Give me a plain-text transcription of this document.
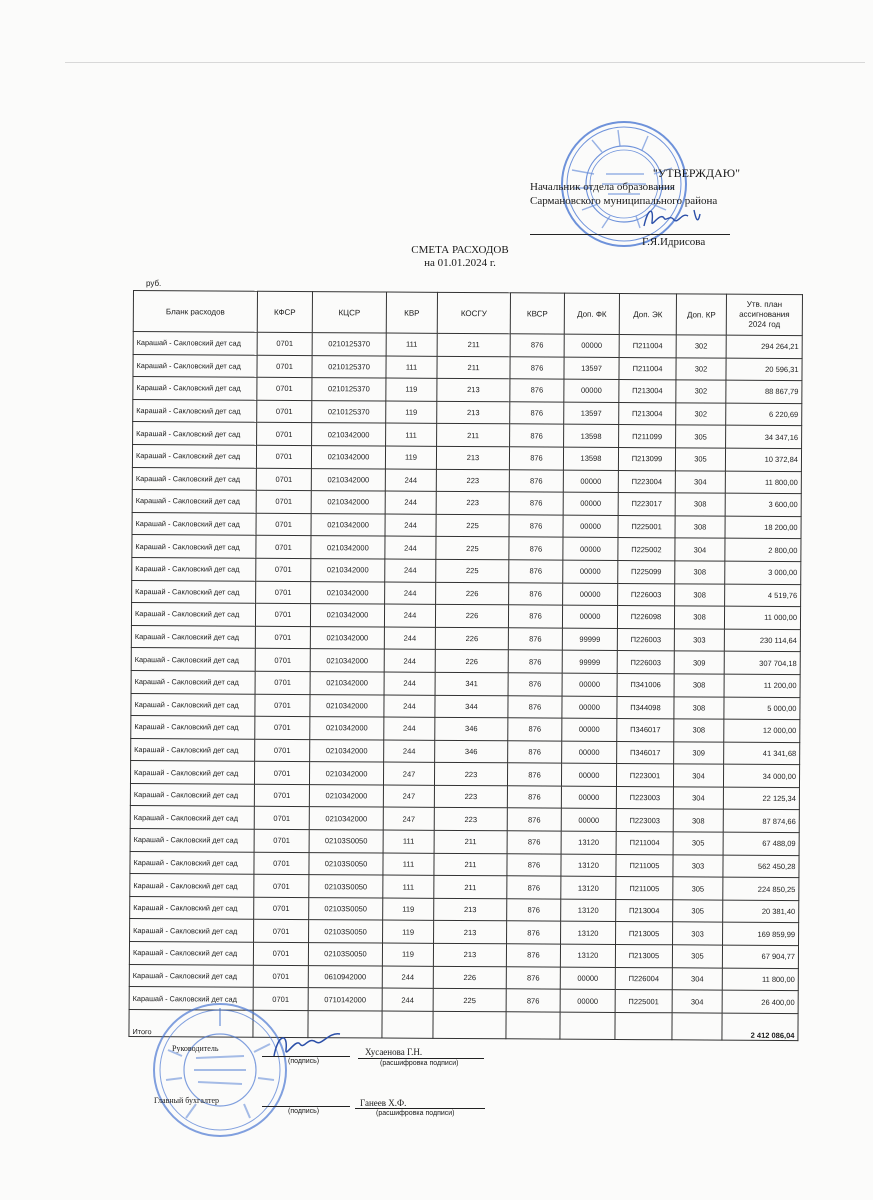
"УТВЕРЖДАЮ"
Начальник отдела образования
Сармановского муниципального района
Г.Я.Идрисова
СМЕТА РАСХОДОВ
на 01.01.2024 г.
руб.
Бланк расходов	КФСР	КЦСР	КВР	КОСГУ	КВСР	Доп. ФК	Доп. ЭК	Доп. КР	Утв. план ассигнования 2024 год
Карашай - Сакловский дет сад	0701	0210125370	111	211	876	00000	П211004	302	294 264,21
Карашай - Сакловский дет сад	0701	0210125370	111	211	876	13597	П211004	302	20 596,31
Карашай - Сакловский дет сад	0701	0210125370	119	213	876	00000	П213004	302	88 867,79
Карашай - Сакловский дет сад	0701	0210125370	119	213	876	13597	П213004	302	6 220,69
Карашай - Сакловский дет сад	0701	0210342000	111	211	876	13598	П211099	305	34 347,16
Карашай - Сакловский дет сад	0701	0210342000	119	213	876	13598	П213099	305	10 372,84
Карашай - Сакловский дет сад	0701	0210342000	244	223	876	00000	П223004	304	11 800,00
Карашай - Сакловский дет сад	0701	0210342000	244	223	876	00000	П223017	308	3 600,00
Карашай - Сакловский дет сад	0701	0210342000	244	225	876	00000	П225001	308	18 200,00
Карашай - Сакловский дет сад	0701	0210342000	244	225	876	00000	П225002	304	2 800,00
Карашай - Сакловский дет сад	0701	0210342000	244	225	876	00000	П225099	308	3 000,00
Карашай - Сакловский дет сад	0701	0210342000	244	226	876	00000	П226003	308	4 519,76
Карашай - Сакловский дет сад	0701	0210342000	244	226	876	00000	П226098	308	11 000,00
Карашай - Сакловский дет сад	0701	0210342000	244	226	876	99999	П226003	303	230 114,64
Карашай - Сакловский дет сад	0701	0210342000	244	226	876	99999	П226003	309	307 704,18
Карашай - Сакловский дет сад	0701	0210342000	244	341	876	00000	П341006	308	11 200,00
Карашай - Сакловский дет сад	0701	0210342000	244	344	876	00000	П344098	308	5 000,00
Карашай - Сакловский дет сад	0701	0210342000	244	346	876	00000	П346017	308	12 000,00
Карашай - Сакловский дет сад	0701	0210342000	244	346	876	00000	П346017	309	41 341,68
Карашай - Сакловский дет сад	0701	0210342000	247	223	876	00000	П223001	304	34 000,00
Карашай - Сакловский дет сад	0701	0210342000	247	223	876	00000	П223003	304	22 125,34
Карашай - Сакловский дет сад	0701	0210342000	247	223	876	00000	П223003	308	87 874,66
Карашай - Сакловский дет сад	0701	02103S0050	111	211	876	13120	П211004	305	67 488,09
Карашай - Сакловский дет сад	0701	02103S0050	111	211	876	13120	П211005	303	562 450,28
Карашай - Сакловский дет сад	0701	02103S0050	111	211	876	13120	П211005	305	224 850,25
Карашай - Сакловский дет сад	0701	02103S0050	119	213	876	13120	П213004	305	20 381,40
Карашай - Сакловский дет сад	0701	02103S0050	119	213	876	13120	П213005	303	169 859,99
Карашай - Сакловский дет сад	0701	02103S0050	119	213	876	13120	П213005	305	67 904,77
Карашай - Сакловский дет сад	0701	0610942000	244	226	876	00000	П226004	304	11 800,00
Карашай - Сакловский дет сад	0701	0710142000	244	225	876	00000	П225001	304	26 400,00
Итого									2 412 086,04
Руководитель
(подпись)
Хусаенова Г.Н.
(расшифровка подписи)
Главный бухгалтер
(подпись)
Ганеев Х.Ф.
(расшифровка подписи)
